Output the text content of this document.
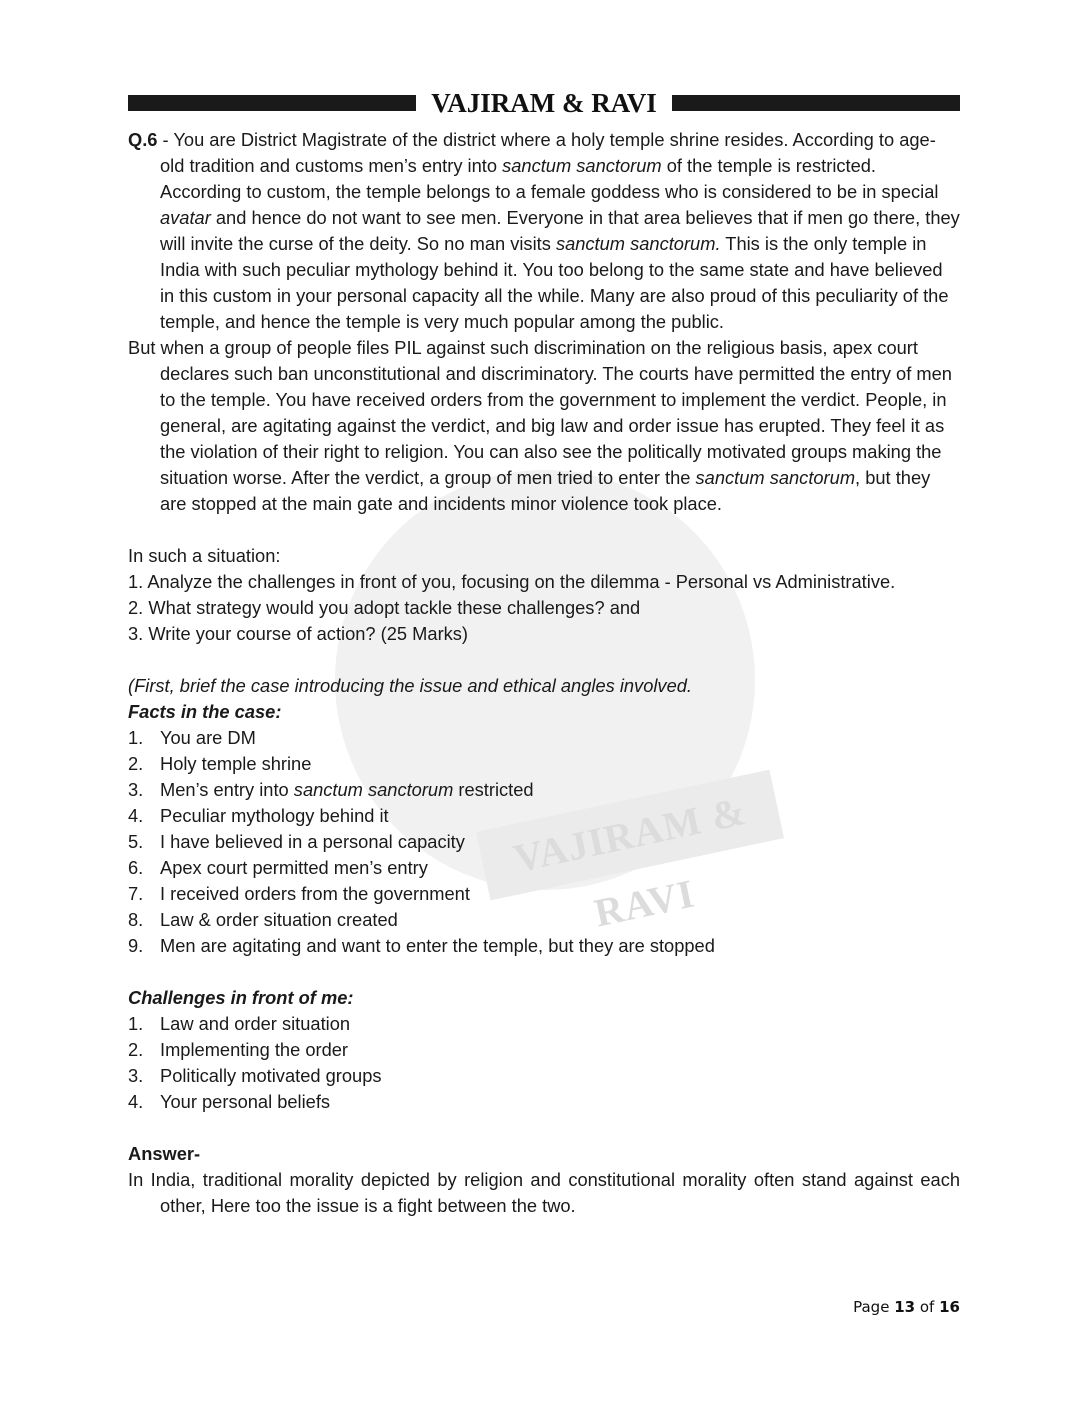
VAJIRAM & RAVI
VAJIRAM & RAVI

Q.6 - You are District Magistrate of the district where a holy temple shrine resides. According to age-old tradition and customs men’s entry into sanctum sanctorum of the temple is restricted. According to custom, the temple belongs to a female goddess who is considered to be in special avatar and hence do not want to see men. Everyone in that area believes that if men go there, they will invite the curse of the deity. So no man visits sanctum sanctorum. This is the only temple in India with such peculiar mythology behind it. You too belong to the same state and have believed in this custom in your personal capacity all the while. Many are also proud of this peculiarity of the temple, and hence the temple is very much popular among the public.

But when a group of people files PIL against such discrimination on the religious basis, apex court declares such ban unconstitutional and discriminatory. The courts have permitted the entry of men to the temple. You have received orders from the government to implement the verdict. People, in general, are agitating against the verdict, and big law and order issue has erupted. They feel it as the violation of their right to religion. You can also see the politically motivated groups making the situation worse. After the verdict, a group of men tried to enter the sanctum sanctorum, but they are stopped at the main gate and incidents minor violence took place.

In such a situation:

1. Analyze the challenges in front of you, focusing on the dilemma - Personal vs Administrative.

2. What strategy would you adopt tackle these challenges? and

3. Write your course of action? (25 Marks)

(First, brief the case introducing the issue and ethical angles involved.

Facts in the case:

1. You are DM
2. Holy temple shrine
3. Men’s entry into sanctum sanctorum restricted
4. Peculiar mythology behind it
5. I have believed in a personal capacity
6. Apex court permitted men’s entry
7. I received orders from the government
8. Law & order situation created
9. Men are agitating and want to enter the temple, but they are stopped

Challenges in front of me:

1. Law and order situation
2. Implementing the order
3. Politically motivated groups
4. Your personal beliefs

Answer-

In India, traditional morality depicted by religion and constitutional morality often stand against each other, Here too the issue is a fight between the two.

Page 13 of 16
